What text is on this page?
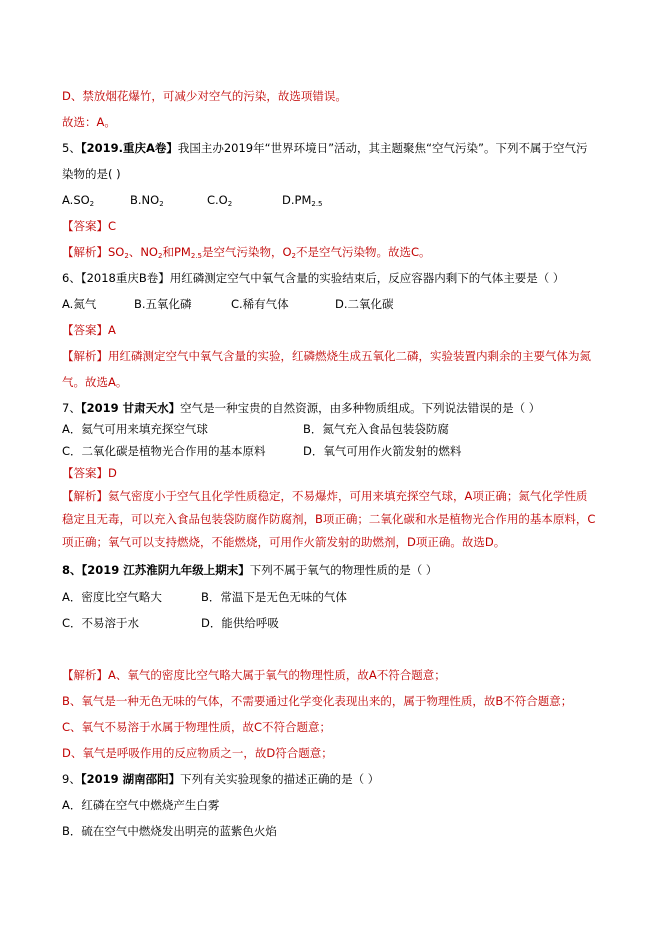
D、禁放烟花爆竹，可减少对空气的污染，故选项错误。
故选：A。
5、【2019.重庆A卷】我国主办2019年“世界环境日”活动，其主题聚焦“空气污染”。下列不属于空气污
染物的是( )
$A.SO_2$	$B.NO_2$	$C.O_2$	$D.PM_{2.5}$
【答案】C
【解析】$SO_2$、$NO_2$和$PM_{2.5}$是空气污染物，$O_2$不是空气污染物。故选C。
6、【2018重庆B卷】用红磷测定空气中氧气含量的实验结束后，反应容器内剩下的气体主要是（ ）
A.氮气	B.五氧化磷	C.稀有气体	D.二氧化碳
【答案】A
【解析】用红磷测定空气中氧气含量的实验，红磷燃烧生成五氧化二磷，实验装置内剩余的主要气体为氮
气。故选A。
7、【2019 甘肃天水】空气是一种宝贵的自然资源，由多种物质组成。下列说法错误的是（ ）
A．氦气可用来填充探空气球	B．氮气充入食品包装袋防腐
C．二氧化碳是植物光合作用的基本原料	D．氧气可用作火箭发射的燃料
【答案】D
【解析】氦气密度小于空气且化学性质稳定，不易爆炸，可用来填充探空气球，A项正确；氮气化学性质
稳定且无毒，可以充入食品包装袋防腐作防腐剂，B项正确；二氧化碳和水是植物光合作用的基本原料，C
项正确；氧气可以支持燃烧，不能燃烧，可用作火箭发射的助燃剂，D项正确。故选D。
8、【2019 江苏淮阴九年级上期末】下列不属于氧气的物理性质的是（ ）
A．密度比空气略大	B．常温下是无色无味的气体
C．不易溶于水	D．能供给呼吸
【解析】A、氧气的密度比空气略大属于氧气的物理性质，故A不符合题意；
B、氧气是一种无色无味的气体，不需要通过化学变化表现出来的，属于物理性质，故B不符合题意；
C、氧气不易溶于水属于物理性质，故C不符合题意；
D、氧气是呼吸作用的反应物质之一，故D符合题意；
9、【2019 湖南邵阳】下列有关实验现象的描述正确的是（ ）
A．红磷在空气中燃烧产生白雾
B．硫在空气中燃烧发出明亮的蓝紫色火焰
